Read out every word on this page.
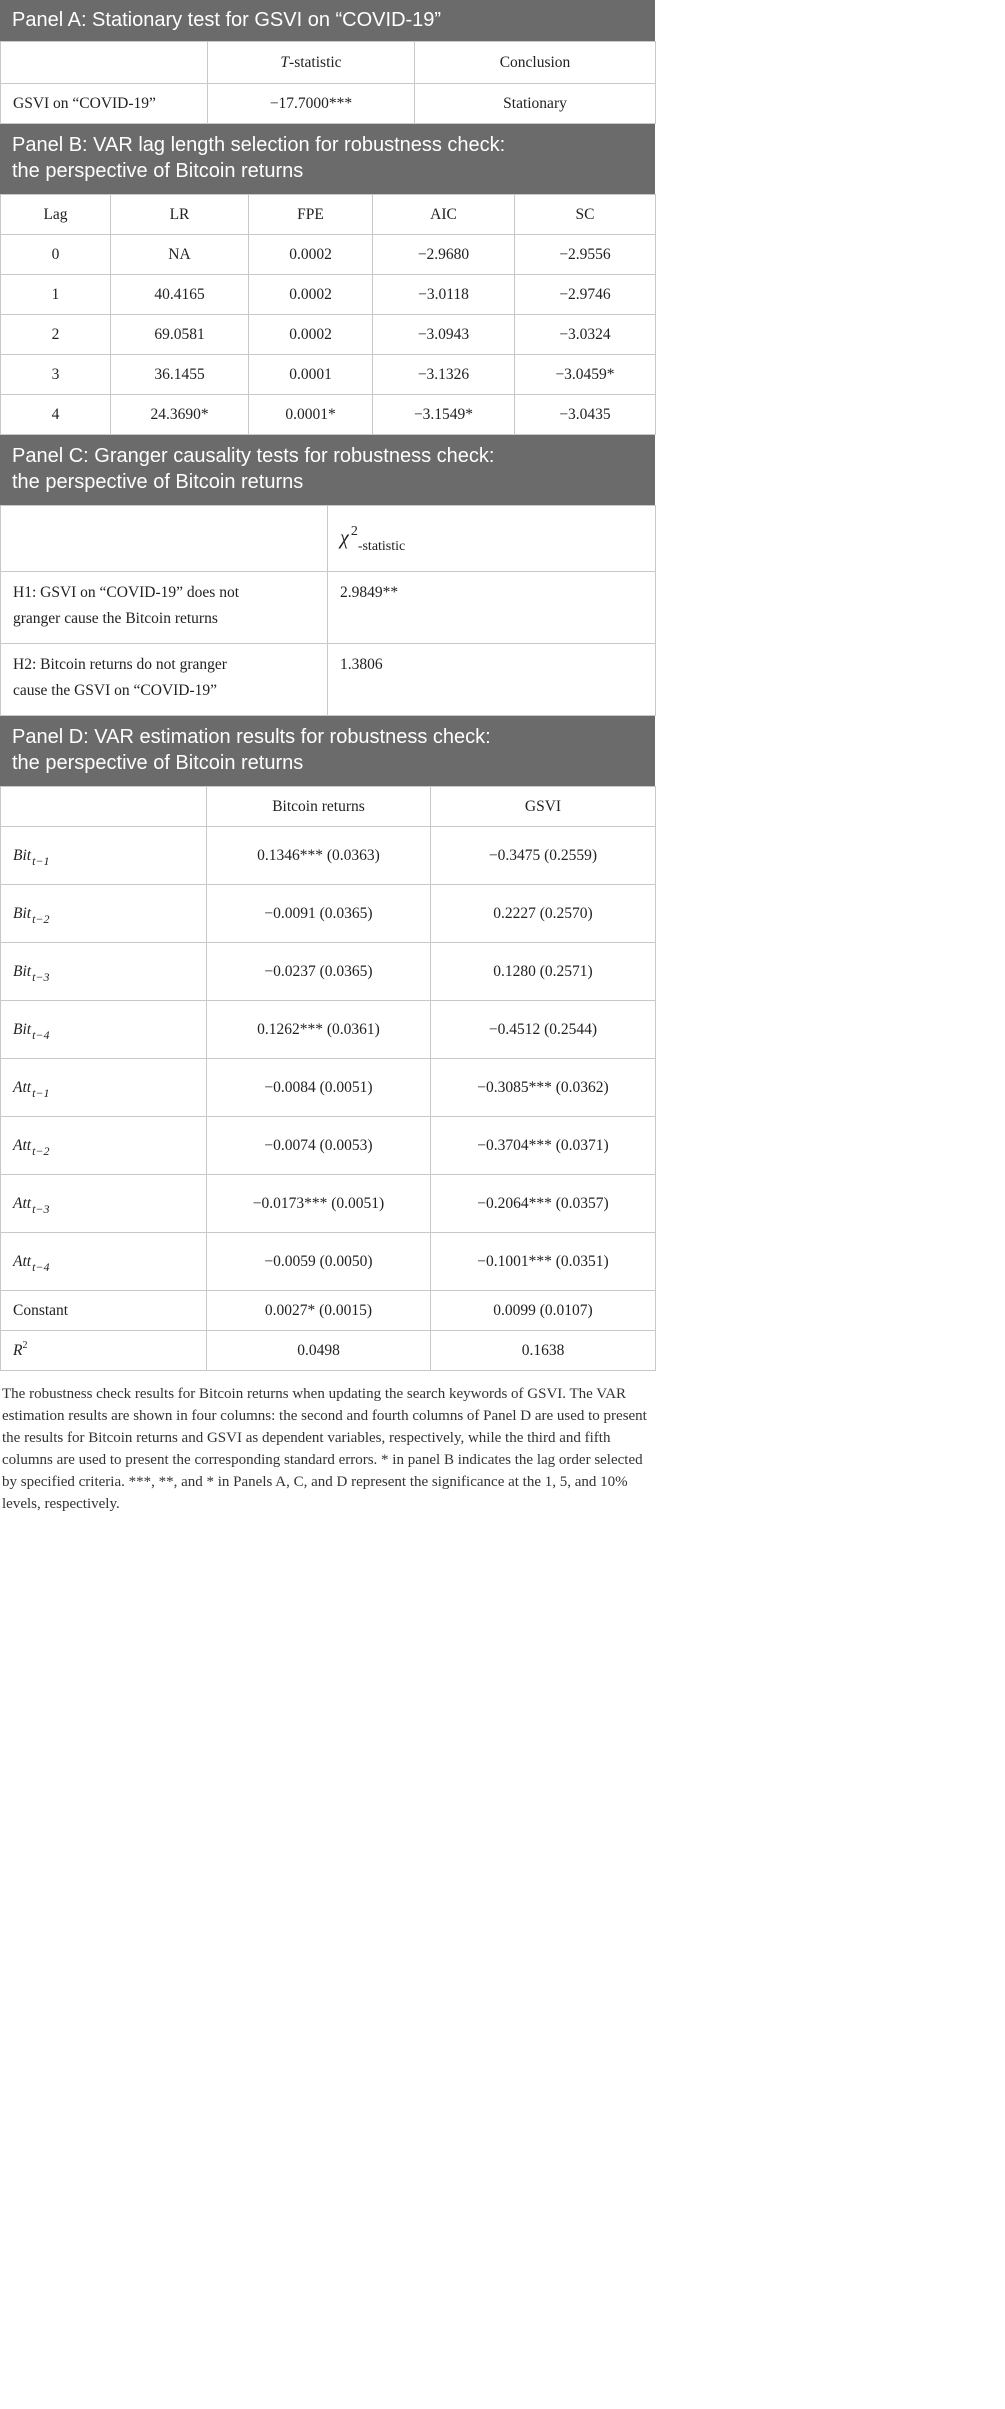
Panel A: Stationary test for GSVI on “COVID-19”
	T-statistic	Conclusion
GSVI on “COVID-19”	−17.7000***	Stationary
Panel B: VAR lag length selection for robustness check:
the perspective of Bitcoin returns
Lag	LR	FPE	AIC	SC
0	NA	0.0002	−2.9680	−2.9556
1	40.4165	0.0002	−3.0118	−2.9746
2	69.0581	0.0002	−3.0943	−3.0324
3	36.1455	0.0001	−3.1326	−3.0459*
4	24.3690*	0.0001*	−3.1549*	−3.0435
Panel C: Granger causality tests for robustness check:
the perspective of Bitcoin returns
	χ 2-statistic

H1: GSVI on “COVID-19” does not
granger cause the Bitcoin returns	2.9849**

H2: Bitcoin returns do not granger
cause the GSVI on “COVID-19”	1.3806
Panel D: VAR estimation results for robustness check:
the perspective of Bitcoin returns
	Bitcoin returns	GSVI
Bit$_{t-1}$	0.1346*** (0.0363)	−0.3475 (0.2559)
Bit$_{t-2}$	−0.0091 (0.0365)	0.2227 (0.2570)
Bit$_{t-3}$	−0.0237 (0.0365)	0.1280 (0.2571)
Bit$_{t-4}$	0.1262*** (0.0361)	−0.4512 (0.2544)
Att$_{t-1}$	−0.0084 (0.0051)	−0.3085*** (0.0362)
Att$_{t-2}$	−0.0074 (0.0053)	−0.3704*** (0.0371)
Att$_{t-3}$	−0.0173*** (0.0051)	−0.2064*** (0.0357)
Att$_{t-4}$	−0.0059 (0.0050)	−0.1001*** (0.0351)
Constant	0.0027* (0.0015)	0.0099 (0.0107)
$R^2$	0.0498	0.1638
The robustness check results for Bitcoin returns when updating the search keywords of GSVI. The VAR estimation results are shown in four columns: the second and fourth columns of Panel D are used to present the results for Bitcoin returns and GSVI as dependent variables, respectively, while the third and fifth columns are used to present the corresponding standard errors. * in panel B indicates the lag order selected by specified criteria. ***, **, and * in Panels A, C, and D represent the significance at the 1, 5, and 10% levels, respectively.
